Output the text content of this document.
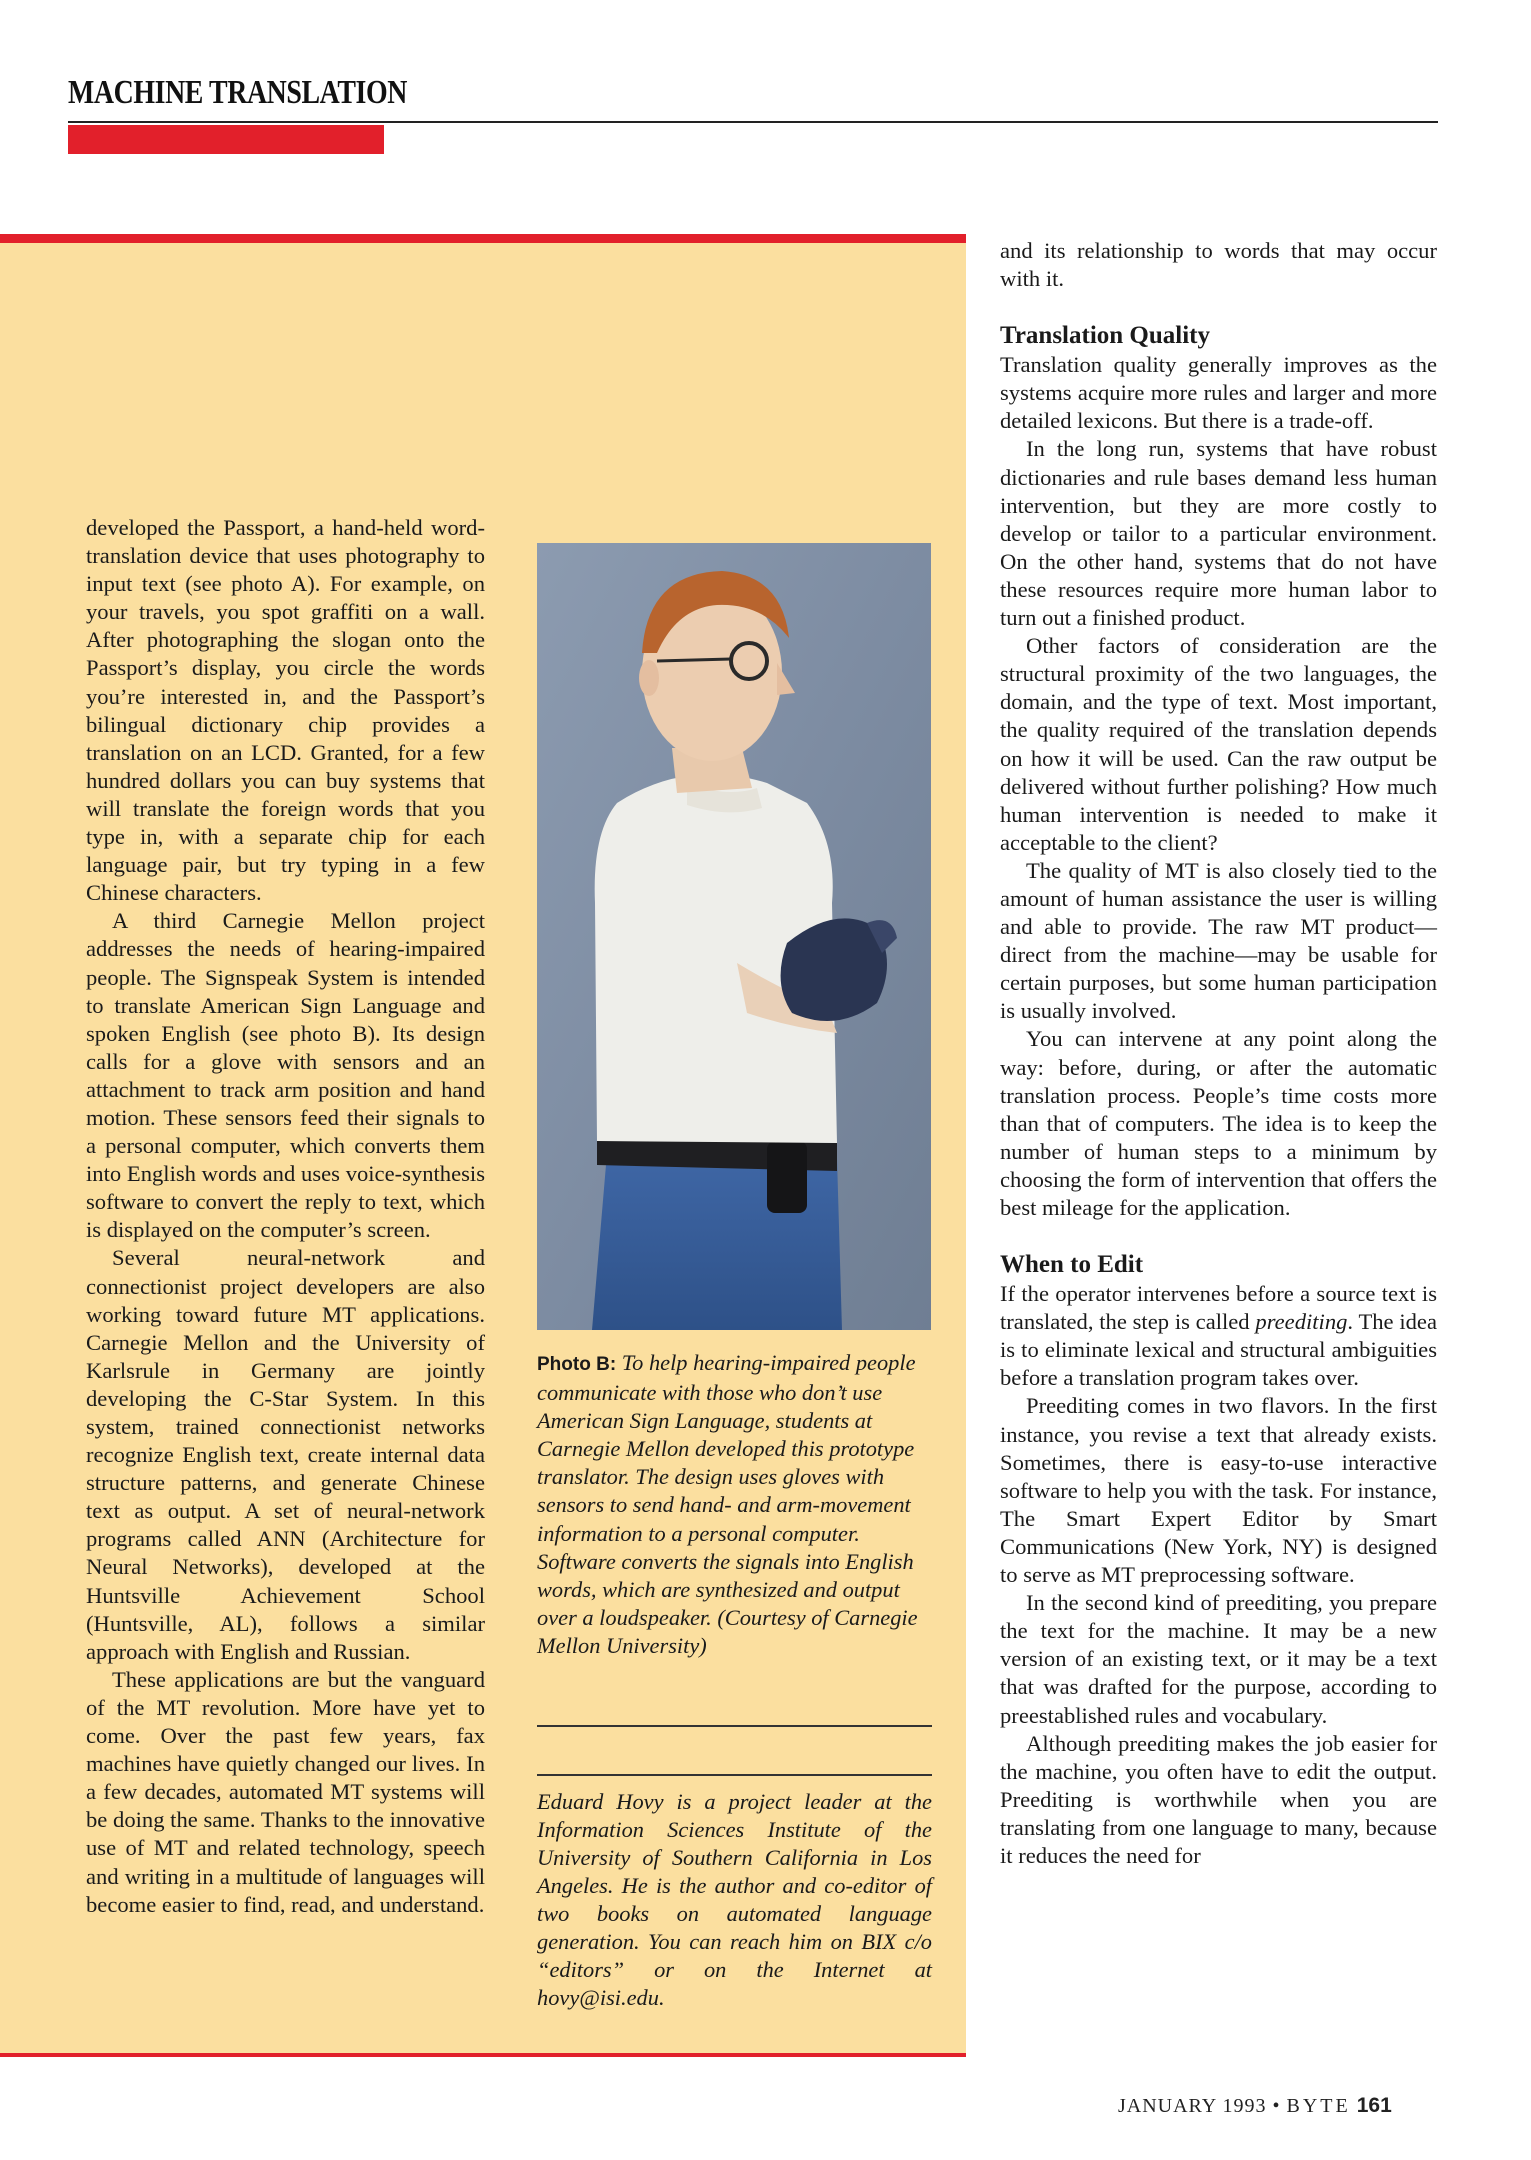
MACHINE TRANSLATION

developed the Passport, a hand-held word-translation device that uses photography to input text (see photo A). For example, on your travels, you spot graffiti on a wall. After photographing the slogan onto the Passport’s display, you circle the words you’re interested in, and the Passport’s bilingual dictionary chip provides a translation on an LCD. Granted, for a few hundred dollars you can buy systems that will translate the foreign words that you type in, with a separate chip for each language pair, but try typing in a few Chinese characters.

A third Carnegie Mellon project addresses the needs of hearing-impaired people. The Signspeak System is intended to translate American Sign Language and spoken English (see photo B). Its design calls for a glove with sensors and an attachment to track arm position and hand motion. These sensors feed their signals to a personal computer, which converts them into English words and uses voice-synthesis software to convert the reply to text, which is displayed on the computer’s screen.

Several neural-network and connectionist project developers are also working toward future MT applications. Carnegie Mellon and the University of Karlsrule in Germany are jointly developing the C-Star System. In this system, trained connectionist networks recognize English text, create internal data structure patterns, and generate Chinese text as output. A set of neural-network programs called ANN (Architecture for Neural Networks), developed at the Huntsville Achievement School (Huntsville, AL), follows a similar approach with English and Russian.

These applications are but the vanguard of the MT revolution. More have yet to come. Over the past few years, fax machines have quietly changed our lives. In a few decades, automated MT systems will be doing the same. Thanks to the innovative use of MT and related technology, speech and writing in a multitude of languages will become easier to find, read, and understand.

Photo B: To help hearing-impaired people communicate with those who don’t use American Sign Language, students at Carnegie Mellon developed this prototype translator. The design uses gloves with sensors to send hand- and arm-movement information to a personal computer. Software converts the signals into English words, which are synthesized and output over a loudspeaker. (Courtesy of Carnegie Mellon University)
Eduard Hovy is a project leader at the Information Sciences Institute of the University of Southern California in Los Angeles. He is the author and co-editor of two books on automated language generation. You can reach him on BIX c/o “editors” or on the Internet at hovy@isi.edu.

and its relationship to words that may occur with it.

Translation Quality

Translation quality generally improves as the systems acquire more rules and larger and more detailed lexicons. But there is a trade-off.

In the long run, systems that have robust dictionaries and rule bases demand less human intervention, but they are more costly to develop or tailor to a particular environment. On the other hand, systems that do not have these resources require more human labor to turn out a finished product.

Other factors of consideration are the structural proximity of the two languages, the domain, and the type of text. Most important, the quality required of the translation depends on how it will be used. Can the raw output be delivered without further polishing? How much human intervention is needed to make it acceptable to the client?

The quality of MT is also closely tied to the amount of human assistance the user is willing and able to provide. The raw MT product—direct from the machine—may be usable for certain purposes, but some human participation is usually involved.

You can intervene at any point along the way: before, during, or after the automatic translation process. People’s time costs more than that of computers. The idea is to keep the number of human steps to a minimum by choosing the form of intervention that offers the best mileage for the application.

When to Edit

If the operator intervenes before a source text is translated, the step is called preediting. The idea is to eliminate lexical and structural ambiguities before a translation program takes over.

Preediting comes in two flavors. In the first instance, you revise a text that already exists. Sometimes, there is easy-to-use interactive software to help you with the task. For instance, The Smart Expert Editor by Smart Communications (New York, NY) is designed to serve as MT preprocessing software.

In the second kind of preediting, you prepare the text for the machine. It may be a new version of an existing text, or it may be a text that was drafted for the purpose, according to preestablished rules and vocabulary.

Although preediting makes the job easier for the machine, you often have to edit the output. Preediting is worthwhile when you are translating from one language to many, because it reduces the need for

JANUARY 1993 • BYTE 161
